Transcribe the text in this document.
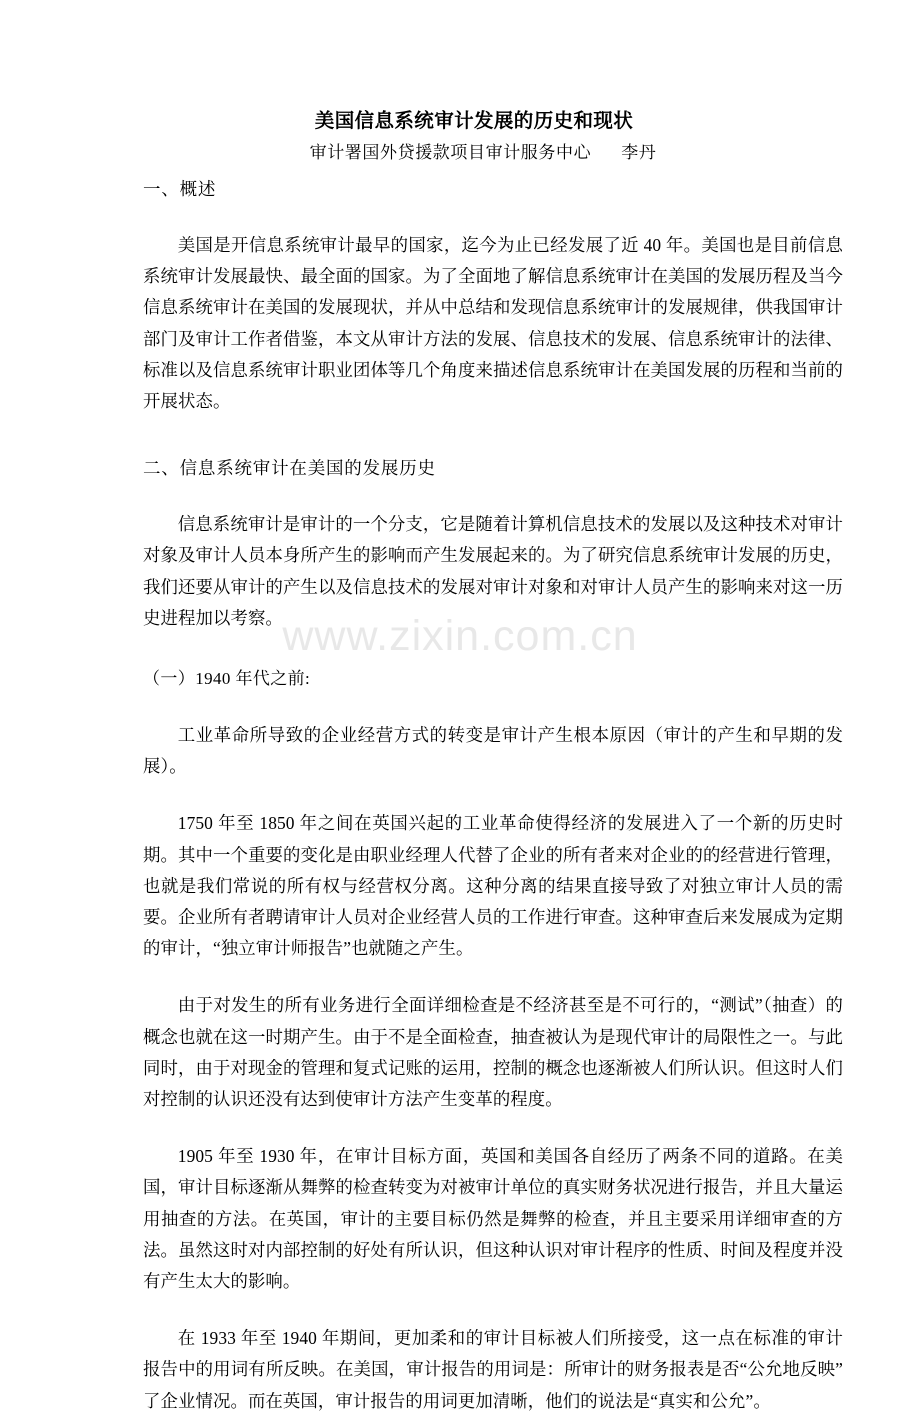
www.zixin.com.cn
美国信息系统审计发展的历史和现状
审计署国外贷援款项目审计服务中心 李丹
一、概述

美国是开信息系统审计最早的国家，迄今为止已经发展了近 40 年。美国也是目前信息系统审计发展最快、最全面的国家。为了全面地了解信息系统审计在美国的发展历程及当今信息系统审计在美国的发展现状，并从中总结和发现信息系统审计的发展规律，供我国审计部门及审计工作者借鉴，本文从审计方法的发展、信息技术的发展、信息系统审计的法律、标准以及信息系统审计职业团体等几个角度来描述信息系统审计在美国发展的历程和当前的开展状态。

二、信息系统审计在美国的发展历史

信息系统审计是审计的一个分支，它是随着计算机信息技术的发展以及这种技术对审计对象及审计人员本身所产生的影响而产生发展起来的。为了研究信息系统审计发展的历史，我们还要从审计的产生以及信息技术的发展对审计对象和对审计人员产生的影响来对这一历史进程加以考察。

（一）1940 年代之前:

工业革命所导致的企业经营方式的转变是审计产生根本原因（审计的产生和早期的发展）。

1750 年至 1850 年之间在英国兴起的工业革命使得经济的发展进入了一个新的历史时期。其中一个重要的变化是由职业经理人代替了企业的所有者来对企业的的经营进行管理，也就是我们常说的所有权与经营权分离。这种分离的结果直接导致了对独立审计人员的需要。企业所有者聘请审计人员对企业经营人员的工作进行审查。这种审查后来发展成为定期的审计，“独立审计师报告”也就随之产生。

由于对发生的所有业务进行全面详细检查是不经济甚至是不可行的，“测试”（抽查）的概念也就在这一时期产生。由于不是全面检查，抽查被认为是现代审计的局限性之一。与此同时，由于对现金的管理和复式记账的运用，控制的概念也逐渐被人们所认识。但这时人们对控制的认识还没有达到使审计方法产生变革的程度。

1905 年至 1930 年，在审计目标方面，英国和美国各自经历了两条不同的道路。在美国，审计目标逐渐从舞弊的检查转变为对被审计单位的真实财务状况进行报告，并且大量运用抽查的方法。在英国，审计的主要目标仍然是舞弊的检查，并且主要采用详细审查的方法。虽然这时对内部控制的好处有所认识，但这种认识对审计程序的性质、时间及程度并没有产生太大的影响。

在 1933 年至 1940 年期间，更加柔和的审计目标被人们所接受，这一点在标准的审计报告中的用词有所反映。在美国，审计报告的用词是：所审计的财务报表是否“公允地反映”了企业情况。而在英国，审计报告的用词更加清晰，他们的说法是“真实和公允”。
